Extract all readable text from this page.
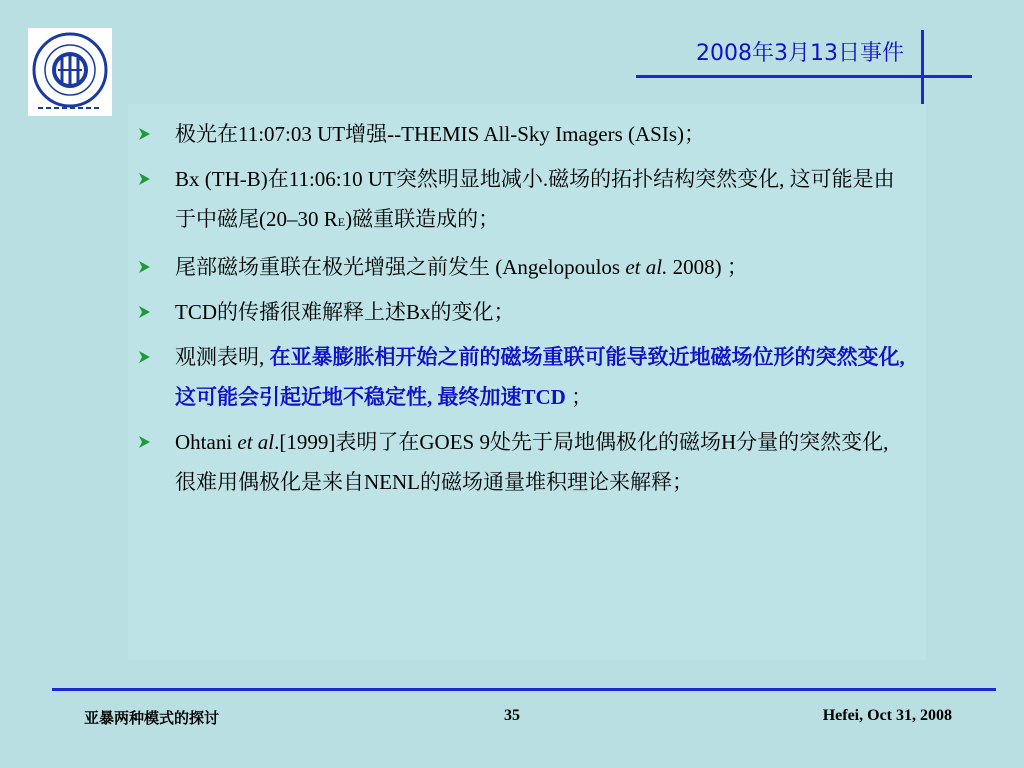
2008年3月13日事件
极光在11:07:03 UT增强--THEMIS All-Sky Imagers (ASIs)；
Bx (TH-B)在11:06:10 UT突然明显地减小.磁场的拓扑结构突然变化, 这可能是由于中磁尾(20–30 RE)磁重联造成的；
尾部磁场重联在极光增强之前发生 (Angelopoulos et al. 2008) ；
TCD的传播很难解释上述Bx的变化；
观测表明, 在亚暴膨胀相开始之前的磁场重联可能导致近地磁场位形的突然变化, 这可能会引起近地不稳定性, 最终加速TCD ；
Ohtani et al.[1999]表明了在GOES 9处先于局地偶极化的磁场H分量的突然变化,很难用偶极化是来自NENL的磁场通量堆积理论来解释；
亚暴两种模式的探讨	35	Hefei, Oct 31, 2008
